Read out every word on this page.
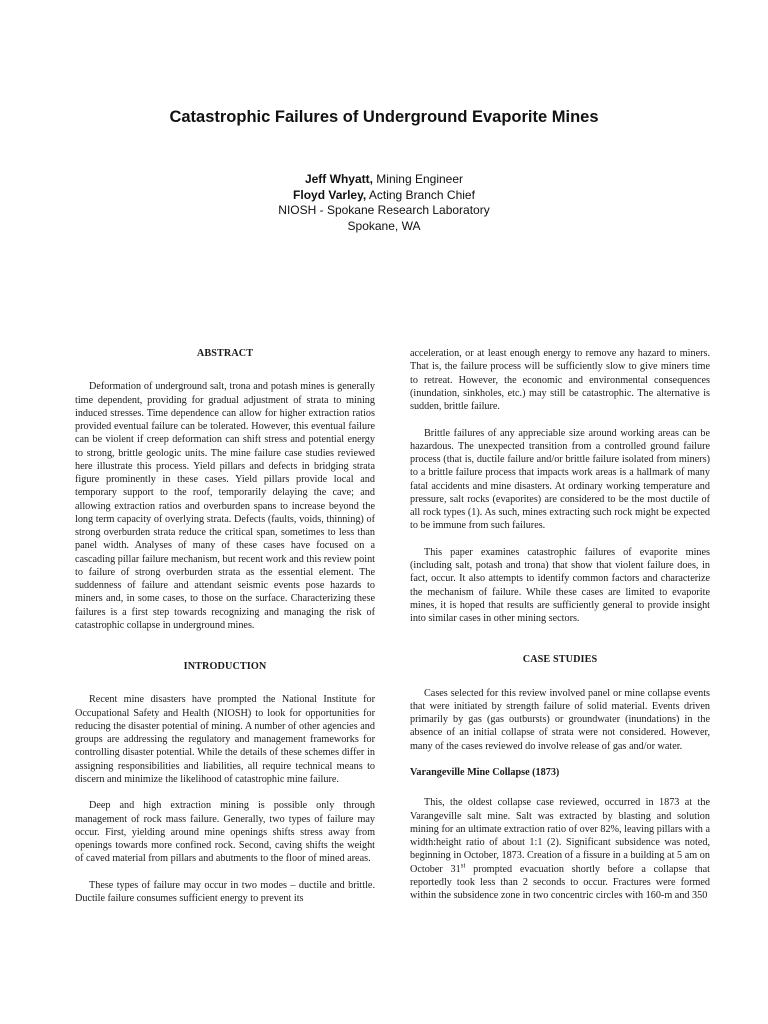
Catastrophic Failures of Underground Evaporite Mines
Jeff Whyatt, Mining Engineer
Floyd Varley, Acting Branch Chief
NIOSH - Spokane Research Laboratory
Spokane, WA
ABSTRACT

Deformation of underground salt, trona and potash mines is generally time dependent, providing for gradual adjustment of strata to mining induced stresses. Time dependence can allow for higher extraction ratios provided eventual failure can be tolerated. However, this eventual failure can be violent if creep deformation can shift stress and potential energy to strong, brittle geologic units. The mine failure case studies reviewed here illustrate this process. Yield pillars and defects in bridging strata figure prominently in these cases. Yield pillars provide local and temporary support to the roof, temporarily delaying the cave; and allowing extraction ratios and overburden spans to increase beyond the long term capacity of overlying strata. Defects (faults, voids, thinning) of strong overburden strata reduce the critical span, sometimes to less than panel width. Analyses of many of these cases have focused on a cascading pillar failure mechanism, but recent work and this review point to failure of strong overburden strata as the essential element. The suddenness of failure and attendant seismic events pose hazards to miners and, in some cases, to those on the surface. Characterizing these failures is a first step towards recognizing and managing the risk of catastrophic collapse in underground mines.

INTRODUCTION

Recent mine disasters have prompted the National Institute for Occupational Safety and Health (NIOSH) to look for opportunities for reducing the disaster potential of mining. A number of other agencies and groups are addressing the regulatory and management frameworks for controlling disaster potential. While the details of these schemes differ in assigning responsibilities and liabilities, all require technical means to discern and minimize the likelihood of catastrophic mine failure.

Deep and high extraction mining is possible only through management of rock mass failure. Generally, two types of failure may occur. First, yielding around mine openings shifts stress away from openings towards more confined rock. Second, caving shifts the weight of caved material from pillars and abutments to the floor of mined areas.

These types of failure may occur in two modes – ductile and brittle. Ductile failure consumes sufficient energy to prevent its

acceleration, or at least enough energy to remove any hazard to miners. That is, the failure process will be sufficiently slow to give miners time to retreat. However, the economic and environmental consequences (inundation, sinkholes, etc.) may still be catastrophic. The alternative is sudden, brittle failure.

Brittle failures of any appreciable size around working areas can be hazardous. The unexpected transition from a controlled ground failure process (that is, ductile failure and/or brittle failure isolated from miners) to a brittle failure process that impacts work areas is a hallmark of many fatal accidents and mine disasters. At ordinary working temperature and pressure, salt rocks (evaporites) are considered to be the most ductile of all rock types (1). As such, mines extracting such rock might be expected to be immune from such failures.

This paper examines catastrophic failures of evaporite mines (including salt, potash and trona) that show that violent failure does, in fact, occur. It also attempts to identify common factors and characterize the mechanism of failure. While these cases are limited to evaporite mines, it is hoped that results are sufficiently general to provide insight into similar cases in other mining sectors.

CASE STUDIES

Cases selected for this review involved panel or mine collapse events that were initiated by strength failure of solid material. Events driven primarily by gas (gas outbursts) or groundwater (inundations) in the absence of an initial collapse of strata were not considered. However, many of the cases reviewed do involve release of gas and/or water.

Varangeville Mine Collapse (1873)

This, the oldest collapse case reviewed, occurred in 1873 at the Varangeville salt mine. Salt was extracted by blasting and solution mining for an ultimate extraction ratio of over 82%, leaving pillars with a width:height ratio of about 1:1 (2). Significant subsidence was noted, beginning in October, 1873. Creation of a fissure in a building at 5 am on October 31st prompted evacuation shortly before a collapse that reportedly took less than 2 seconds to occur. Fractures were formed within the subsidence zone in two concentric circles with 160-m and 350
